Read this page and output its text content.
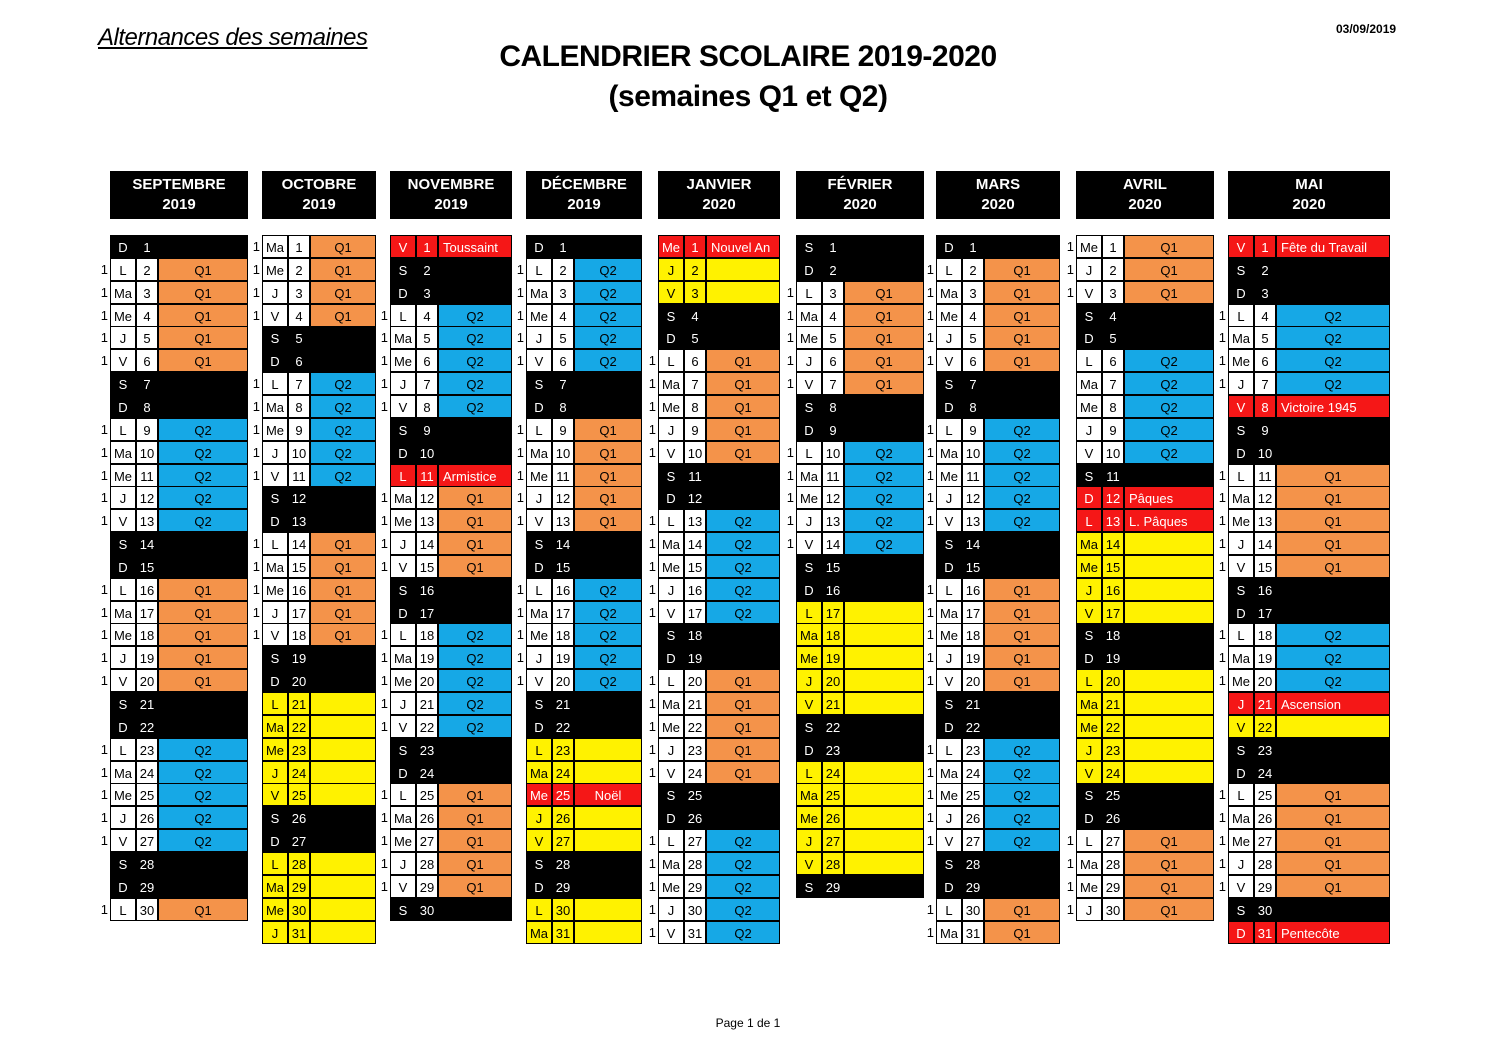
Alternances des semaines	03/09/2019
CALENDRIER SCOLAIRE 2019-2020
(semaines Q1 et Q2)
SEPTEMBRE
2019
D	1
1 L	2	Q1
1 Ma 3	Q1
1 Me 4	Q1
1 J	5	Q1
1 V	6	Q1
S	7
D	8
1 L	9	Q2
1 Ma 10	Q2
1 Me 11	Q2
1 J	12	Q2
1 V 13	Q2
S 14
D 15
1 L	16	Q1
1 Ma 17	Q1
1 Me 18	Q1
1 J	19	Q1
1 V 20	Q1
S 21
D 22
1 L	23	Q2
1 Ma 24	Q2
1 Me 25	Q2
1 J	26	Q2
1 V 27	Q2
S 28
D 29
1 L	30	Q1
OCTOBRE
2019
1 Ma 1	Q1
1 Me 2	Q1
1 J	3	Q1
1 V	4	Q1
S	5
D	6
1 L	7	Q2
1 Ma 8	Q2
1 Me 9	Q2
1 J	10	Q2
1 V 11	Q2
S 12
D 13
1 L	14	Q1
1 Ma 15	Q1
1 Me 16	Q1
1 J	17	Q1
1 V 18	Q1
S 19
D 20
L	21
Ma 22
Me 23
J	24
V 25
S 26
D 27
L	28
Ma 29
Me 30
J	31
NOVEMBRE
2019
V	1 Toussaint
S	2
D	3
1 L	4	Q2
1 Ma 5	Q2
1 Me 6	Q2
1 J	7	Q2
1 V	8	Q2
S	9
D 10
L	11 Armistice
1 Ma 12	Q1
1 Me 13	Q1
1 J	14	Q1
1 V 15	Q1
S 16
D 17
1 L	18	Q2
1 Ma 19	Q2
1 Me 20	Q2
1 J	21	Q2
1 V 22	Q2
S 23
D 24
1 L	25	Q1
1 Ma 26	Q1
1 Me 27	Q1
1 J	28	Q1
1 V 29	Q1
S 30
DÉCEMBRE
2019
D	1
1 L	2	Q2
1 Ma 3	Q2
1 Me 4	Q2
1 J	5	Q2
1 V	6	Q2
S	7
D	8
1 L	9	Q1
1 Ma 10	Q1
1 Me 11	Q1
1 J	12	Q1
1 V 13	Q1
S 14
D 15
1 L	16	Q2
1 Ma 17	Q2
1 Me 18	Q2
1 J	19	Q2
1 V 20	Q2
S 21
D 22
L	23
Ma 24
Me 25	Noël
J	26
V 27
S 28
D 29
L	30
Ma 31
JANVIER
2020
Me 1 Nouvel An
J	2
V	3
S	4
D	5
1 L	6	Q1
1 Ma 7	Q1
1 Me 8	Q1
1 J	9	Q1
1 V 10	Q1
S 11
D 12
1 L	13	Q2
1 Ma 14	Q2
1 Me 15	Q2
1 J	16	Q2
1 V 17	Q2
S 18
D 19
1 L	20	Q1
1 Ma 21	Q1
1 Me 22	Q1
1 J	23	Q1
1 V 24	Q1
S 25
D 26
1 L	27	Q2
1 Ma 28	Q2
1 Me 29	Q2
1 J	30	Q2
1 V 31	Q2
FÉVRIER
2020
S	1
D	2
1 L	3	Q1
1 Ma 4	Q1
1 Me 5	Q1
1 J	6	Q1
1 V	7	Q1
S	8
D	9
1 L	10	Q2
1 Ma 11	Q2
1 Me 12	Q2
1 J	13	Q2
1 V 14	Q2
S 15
D 16
L	17
Ma 18
Me 19
J	20
V 21
S 22
D 23
L	24
Ma 25
Me 26
J	27
V 28
S 29
MARS
2020
D	1
1 L	2	Q1
1 Ma 3	Q1
1 Me 4	Q1
1 J	5	Q1
1 V	6	Q1
S	7
D	8
1 L	9	Q2
1 Ma 10	Q2
1 Me 11	Q2
1 J	12	Q2
1 V 13	Q2
S 14
D 15
1 L	16	Q1
1 Ma 17	Q1
1 Me 18	Q1
1 J	19	Q1
1 V 20	Q1
S 21
D 22
1 L	23	Q2
1 Ma 24	Q2
1 Me 25	Q2
1 J	26	Q2
1 V 27	Q2
S 28
D 29
1 L	30	Q1
1 Ma 31	Q1
AVRIL
2020
1 Me 1	Q1
1 J	2	Q1
1 V	3	Q1
S	4
D	5
L	6	Q2
Ma 7	Q2
Me 8	Q2
J	9	Q2
V 10	Q2
S 11
D 12 Pâques
L	13 L. Pâques
Ma 14
Me 15
J	16
V 17
S 18
D 19
L	20
Ma 21
Me 22
J	23
V 24
S 25
D 26
1 L	27	Q1
1 Ma 28	Q1
1 Me 29	Q1
1 J	30	Q1
MAI
2020
V	1 Fête du Travail
S	2
D	3
1 L	4	Q2
1 Ma 5	Q2
1 Me 6	Q2
1 J	7	Q2
V	8 Victoire 1945
S	9
D 10
1 L	11	Q1
1 Ma 12	Q1
1 Me 13	Q1
1 J	14	Q1
1 V 15	Q1
S 16
D 17
1 L	18	Q2
1 Ma 19	Q2
1 Me 20	Q2
J	21 Ascension
V 22
S 23
D 24
1 L	25	Q1
1 Ma 26	Q1
1 Me 27	Q1
1 J	28	Q1
1 V 29	Q1
S 30
D 31 Pentecôte
Page 1 de 1
